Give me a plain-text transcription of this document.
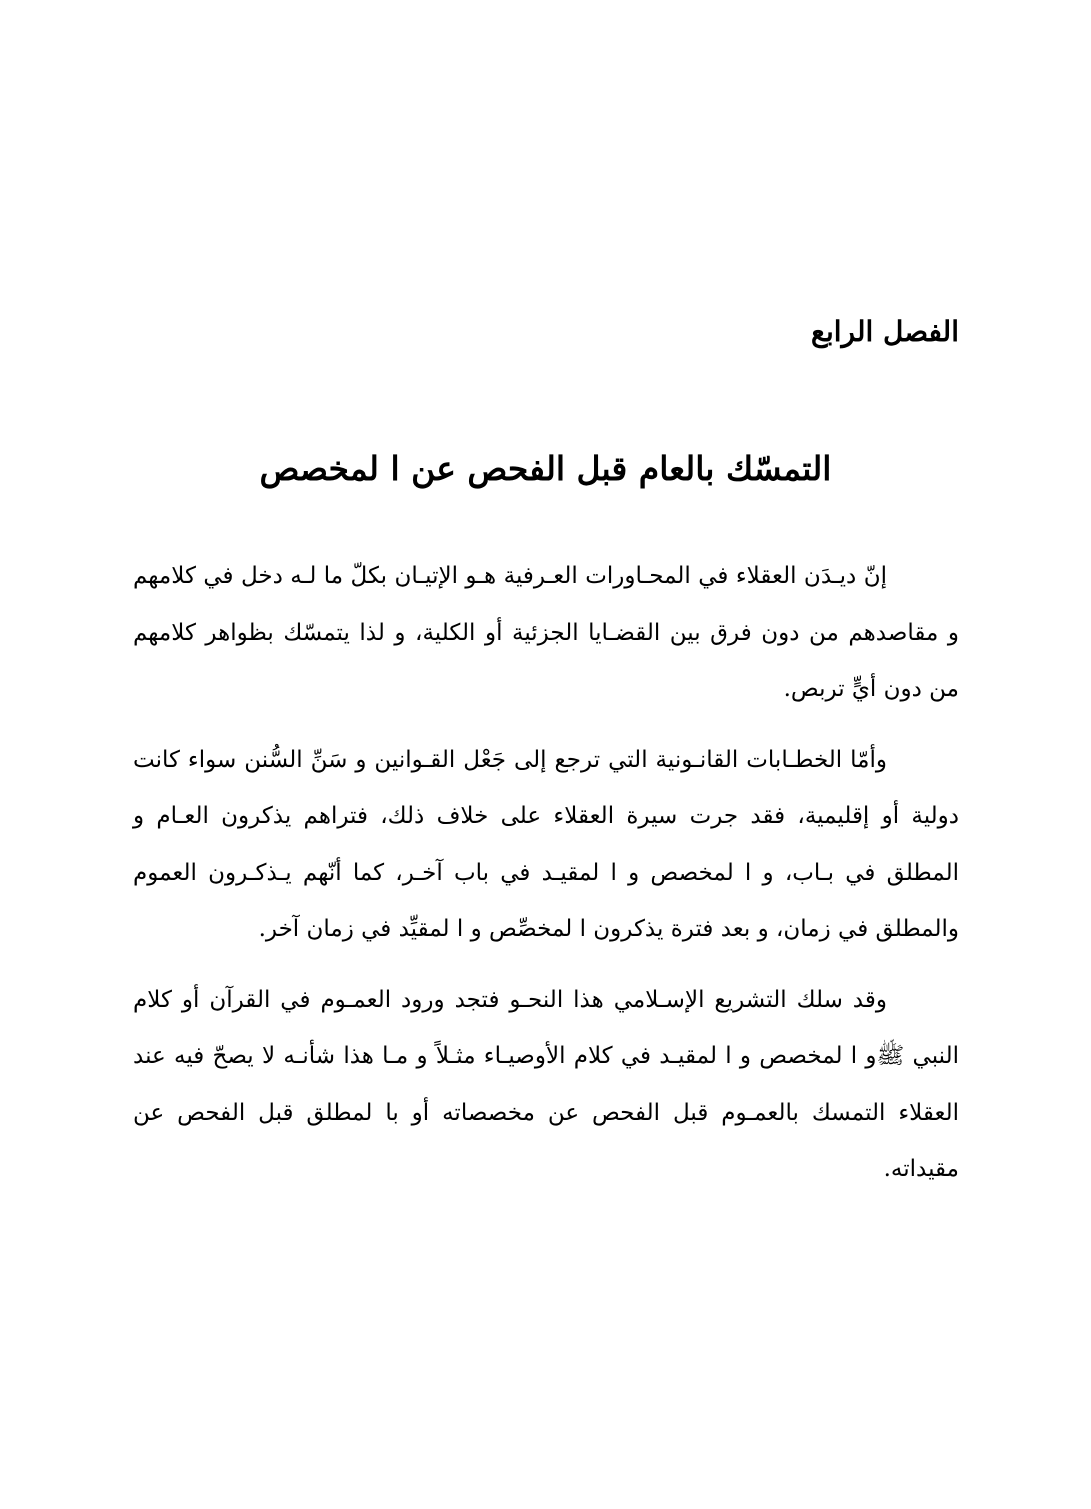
الفصل الرابع
التمسّك بالعام قبل الفحص عن ا لمخصص

إنّ ديـدَن العقلاء في المحـاورات العـرفية هـو الإتيـان بكلّ ما لـه دخل في كلامهم و مقاصدهم من دون فرق بين القضـايا الجزئية أو الكلية، و لذا يتمسّك بظواهر كلامهم من دون أيٍّ تربص.

وأمّا الخطـابات القانـونية التي ترجع إلى جَعْل القـوانين و سَنِّ السُّنن سواء كانت دولية أو إقليمية، فقد جرت سيرة العقلاء على خلاف ذلك، فتراهم يذكرون العـام و المطلق في بـاب، و ا لمخصص و ا لمقيـد في باب آخـر، كما أنّهم يـذكـرون العموم والمطلق في زمان، و بعد فترة يذكرون ا لمخصِّص و ا لمقيِّد في زمان آخر.

وقد سلك التشريع الإسـلامي هذا النحـو فتجد ورود العمـوم في القرآن أو كلام النبي ﷺو ا لمخصص و ا لمقيـد في كلام الأوصيـاء مثـلاً و مـا هذا شأنـه لا يصحّ فيه عند العقلاء التمسك بالعمـوم قبل الفحص عن مخصصاته أو با لمطلق قبل الفحص عن مقيداته.
